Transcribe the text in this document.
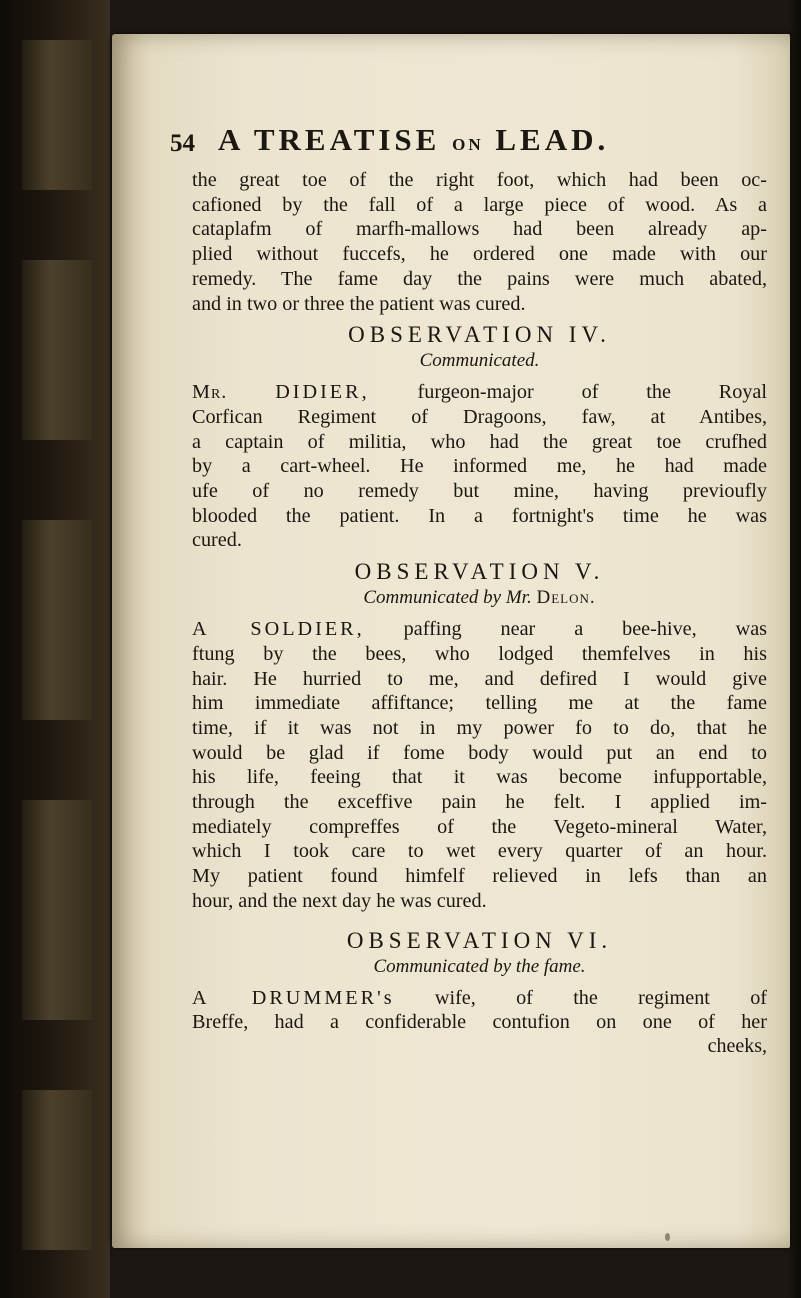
54 A TREATISE ON LEAD.

the great toe of the right foot, which had been oc-
cafioned by the fall of a large piece of wood. As a
cataplafm of marfh-mallows had been already ap-
plied without fuccefs, he ordered one made with our
remedy. The fame day the pains were much abated,
and in two or three the patient was cured.

OBSERVATION IV.
Communicated.

Mr. DIDIER, furgeon-major of the Royal
Corfican Regiment of Dragoons, faw, at Antibes,
a captain of militia, who had the great toe crufhed
by a cart-wheel. He informed me, he had made
ufe of no remedy but mine, having previoufly
blooded the patient. In a fortnight's time he was
cured.

OBSERVATION V.
Communicated by Mr. Delon.

A SOLDIER, paffing near a bee-hive, was
ftung by the bees, who lodged themfelves in his
hair. He hurried to me, and defired I would give
him immediate affiftance; telling me at the fame
time, if it was not in my power fo to do, that he
would be glad if fome body would put an end to
his life, feeing that it was become infupportable,
through the exceffive pain he felt. I applied im-
mediately compreffes of the Vegeto-mineral Water,
which I took care to wet every quarter of an hour.
My patient found himfelf relieved in lefs than an
hour, and the next day he was cured.

OBSERVATION VI.
Communicated by the fame.

A DRUMMER's wife, of the regiment of
Breffe, had a confiderable contufion on one of her

cheeks,
